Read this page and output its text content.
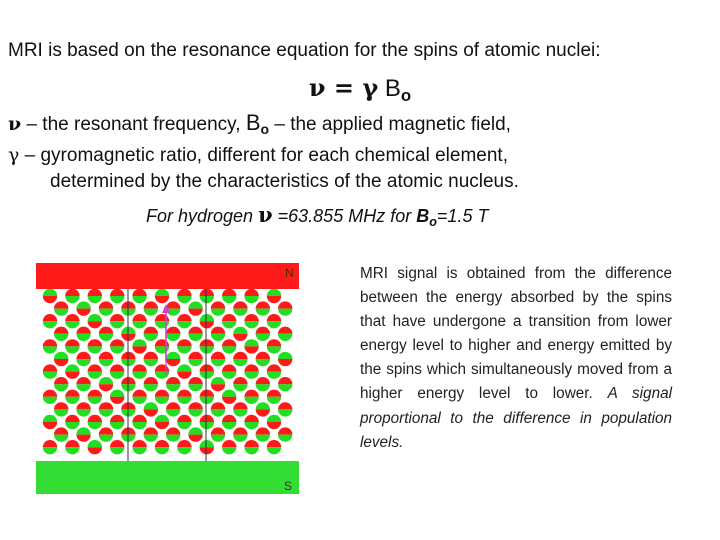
MRI is based on the resonance equation for the spins of atomic nuclei:
ν = γ $B_o$
ν – the resonant frequency, $B_o$ – the applied magnetic field,
γ – gyromagnetic ratio, different for each chemical element,
determined by the characteristics of the atomic nucleus.
For hydrogen ν =63.855 MHz for $B_o=1.5$ T
N
S
MRI signal is obtained from the difference between the energy absorbed by the spins that have undergone a transition from lower energy level to higher and energy emitted by the spins which simultaneously moved from a higher energy level to lower. A signal proportional to the difference in population levels.
